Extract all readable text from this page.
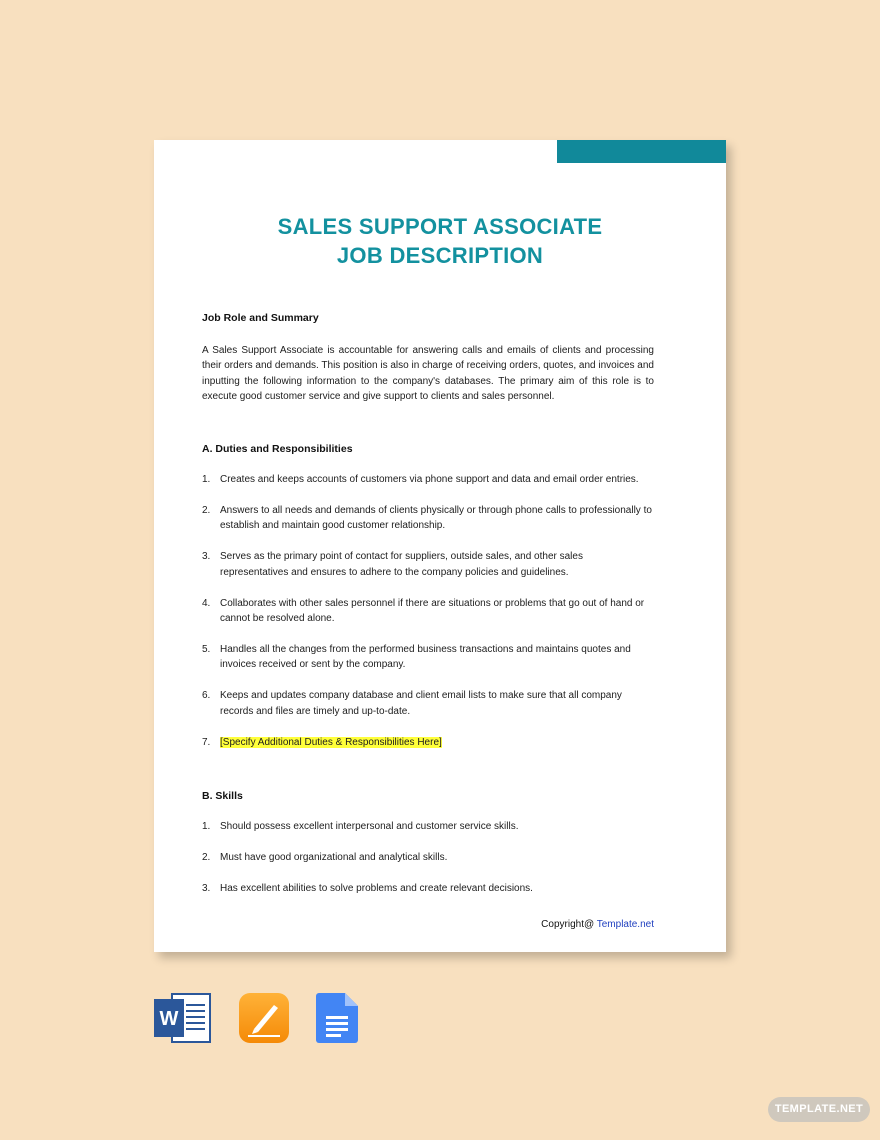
SALES SUPPORT ASSOCIATE
JOB DESCRIPTION
Job Role and Summary
A Sales Support Associate is accountable for answering calls and emails of clients and processing their orders and demands. This position is also in charge of receiving orders, quotes, and invoices and inputting the following information to the company's databases. The primary aim of this role is to execute good customer service and give support to clients and sales personnel.
A. Duties and Responsibilities
1. Creates and keeps accounts of customers via phone support and data and email order entries.
2. Answers to all needs and demands of clients physically or through phone calls to professionally to establish and maintain good customer relationship.
3. Serves as the primary point of contact for suppliers, outside sales, and other sales representatives and ensures to adhere to the company policies and guidelines.
4. Collaborates with other sales personnel if there are situations or problems that go out of hand or cannot be resolved alone.
5. Handles all the changes from the performed business transactions and maintains quotes and invoices received or sent by the company.
6. Keeps and updates company database and client email lists to make sure that all company records and files are timely and up-to-date.
7. [Specify Additional Duties & Responsibilities Here]
B. Skills
1. Should possess excellent interpersonal and customer service skills.
2. Must have good organizational and analytical skills.
3. Has excellent abilities to solve problems and create relevant decisions.
Copyright@ Template.net
W
TEMPLATE.NET
